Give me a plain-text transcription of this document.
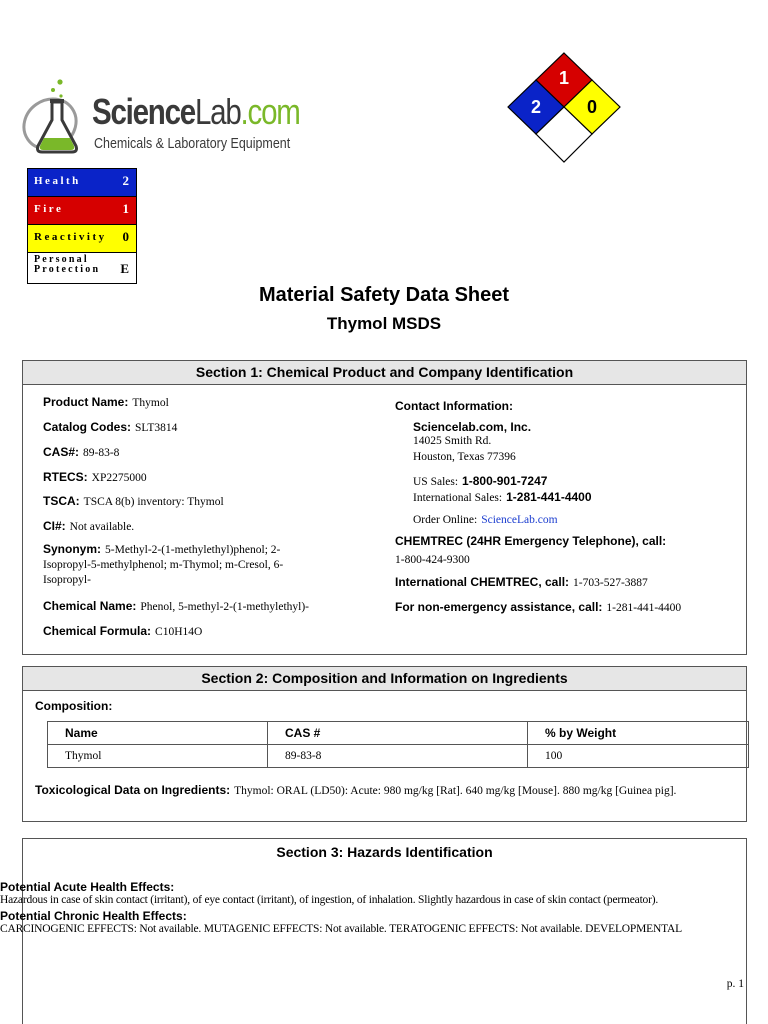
ScienceLab.com
Chemicals & Laboratory Equipment
1
2	0
Health	2
Fire	1
Reactivity 0
Personal
Protection E
Material Safety Data Sheet
Thymol MSDS
Section 1: Chemical Product and Company Identification
Product Name: Thymol
Catalog Codes: SLT3814
CAS#: 89-83-8
RTECS: XP2275000
TSCA: TSCA 8(b) inventory: Thymol
CI#: Not available.
Synonym: 5-Methyl-2-(1-methylethyl)phenol; 2-
Isopropyl-5-methylphenol; m-Thymol; m-Cresol, 6-
Isopropyl-
Chemical Name: Phenol, 5-methyl-2-(1-methylethyl)-
Chemical Formula: C10H14O
Contact Information:
Sciencelab.com, Inc.
14025 Smith Rd.
Houston, Texas 77396
US Sales: 1-800-901-7247
International Sales: 1-281-441-4400
Order Online: ScienceLab.com
CHEMTREC (24HR Emergency Telephone), call:
1-800-424-9300
International CHEMTREC, call: 1-703-527-3887
For non-emergency assistance, call: 1-281-441-4400
Section 2: Composition and Information on Ingredients
Composition:
Name	CAS #	% by Weight
Thymol	89-83-8	100
Toxicological Data on Ingredients: Thymol: ORAL (LD50): Acute: 980 mg/kg [Rat]. 640 mg/kg [Mouse]. 880 mg/kg [Guinea pig].
Section 3: Hazards Identification
Potential Acute Health Effects:
Hazardous in case of skin contact (irritant), of eye contact (irritant), of ingestion, of inhalation. Slightly hazardous in case of skin contact (permeator).
Potential Chronic Health Effects:
CARCINOGENIC EFFECTS: Not available. MUTAGENIC EFFECTS: Not available. TERATOGENIC EFFECTS: Not available. DEVELOPMENTAL
p. 1
